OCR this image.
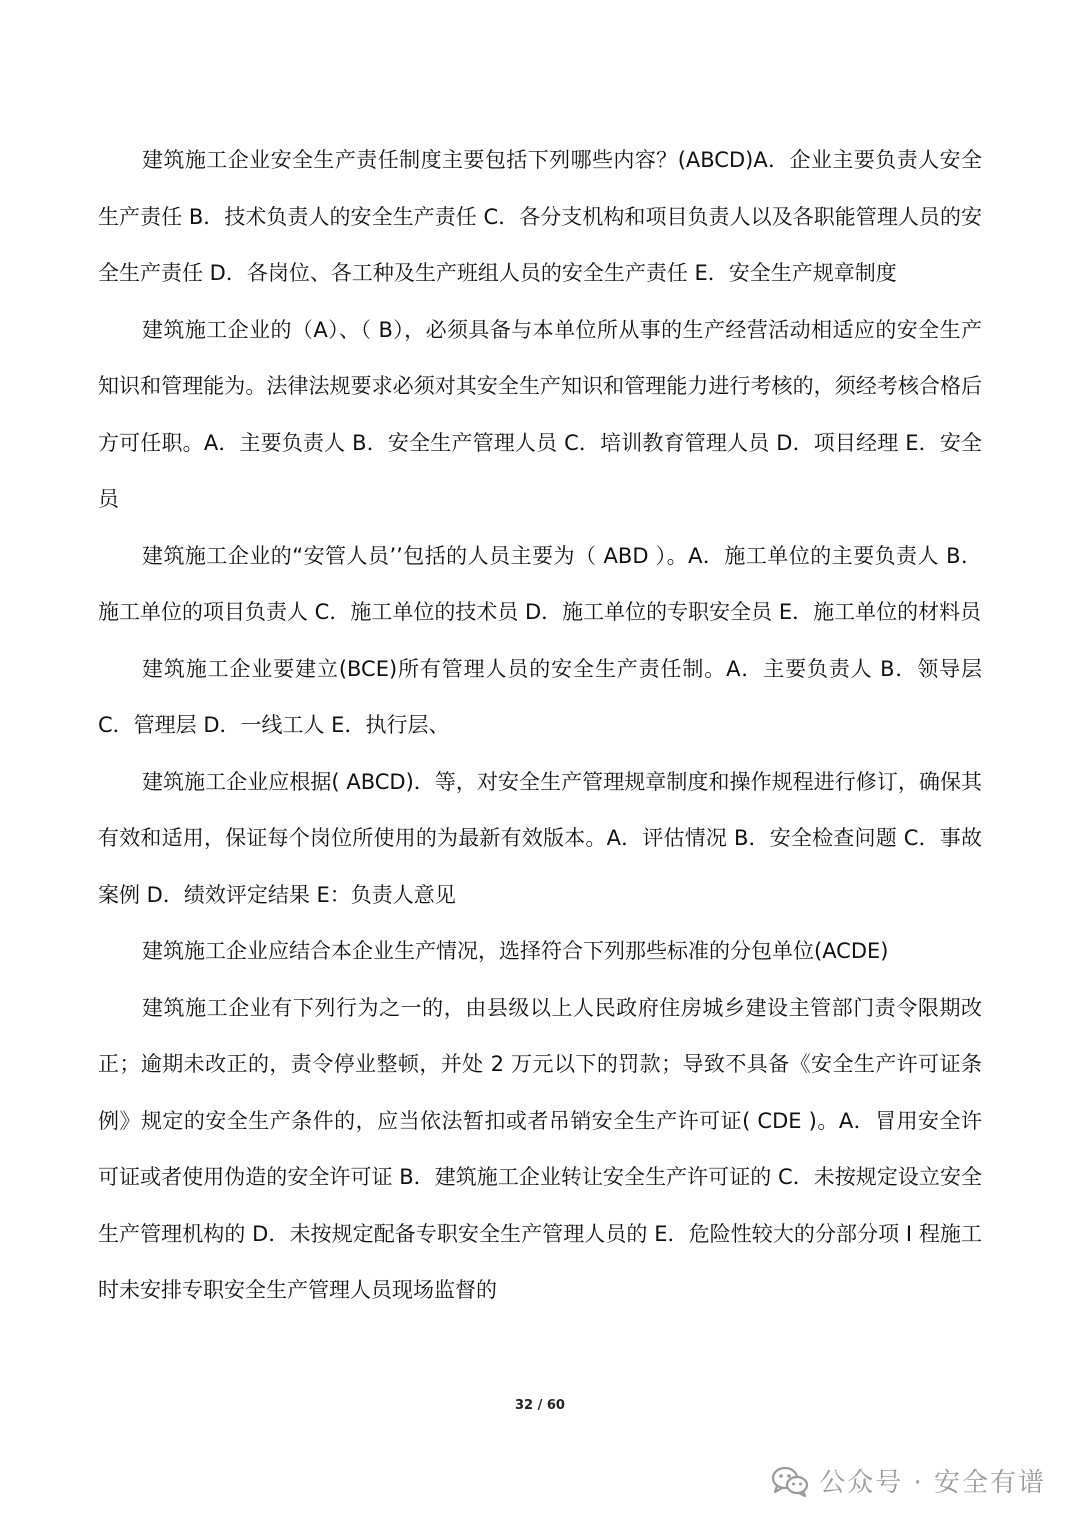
建筑施工企业安全生产责任制度主要包括下列哪些内容？(ABCD)A．企业主要负责人安全生产责任 B．技术负责人的安全生产责任 C．各分支机构和项目负责人以及各职能管理人员的安全生产责任 D．各岗位、各工种及生产班组人员的安全生产责任 E．安全生产规章制度

建筑施工企业的（A）、（ B），必须具备与本单位所从事的生产经营活动相适应的安全生产知识和管理能为。法律法规要求必须对其安全生产知识和管理能力进行考核的，须经考核合格后方可任职。A．主要负责人 B．安全生产管理人员 C．培训教育管理人员 D．项目经理 E．安全员

建筑施工企业的“安管人员’’包括的人员主要为（ ABD ）。A．施工单位的主要负责人 B．施工单位的项目负责人 C．施工单位的技术员 D．施工单位的专职安全员 E．施工单位的材料员

建筑施工企业要建立(BCE)所有管理人员的安全生产责任制。A．主要负责人 B．领导层 C．管理层 D．一线工人 E．执行层、

建筑施工企业应根据( ABCD)．等，对安全生产管理规章制度和操作规程进行修订，确保其有效和适用，保证每个岗位所使用的为最新有效版本。A．评估情况 B．安全检查问题 C．事故案例 D．绩效评定结果 E：负责人意见

建筑施工企业应结合本企业生产情况，选择符合下列那些标准的分包单位(ACDE)

建筑施工企业有下列行为之一的，由县级以上人民政府住房城乡建设主管部门责令限期改正；逾期未改正的，责令停业整顿，并处 2 万元以下的罚款；导致不具备《安全生产许可证条例》规定的安全生产条件的，应当依法暂扣或者吊销安全生产许可证( CDE )。A．冒用安全许可证或者使用伪造的安全许可证 B．建筑施工企业转让安全生产许可证的 C．未按规定设立安全生产管理机构的 D．未按规定配备专职安全生产管理人员的 E．危险性较大的分部分项 I 程施工时未安排专职安全生产管理人员现场监督的

32 / 60
公众号 · 安全有谱
